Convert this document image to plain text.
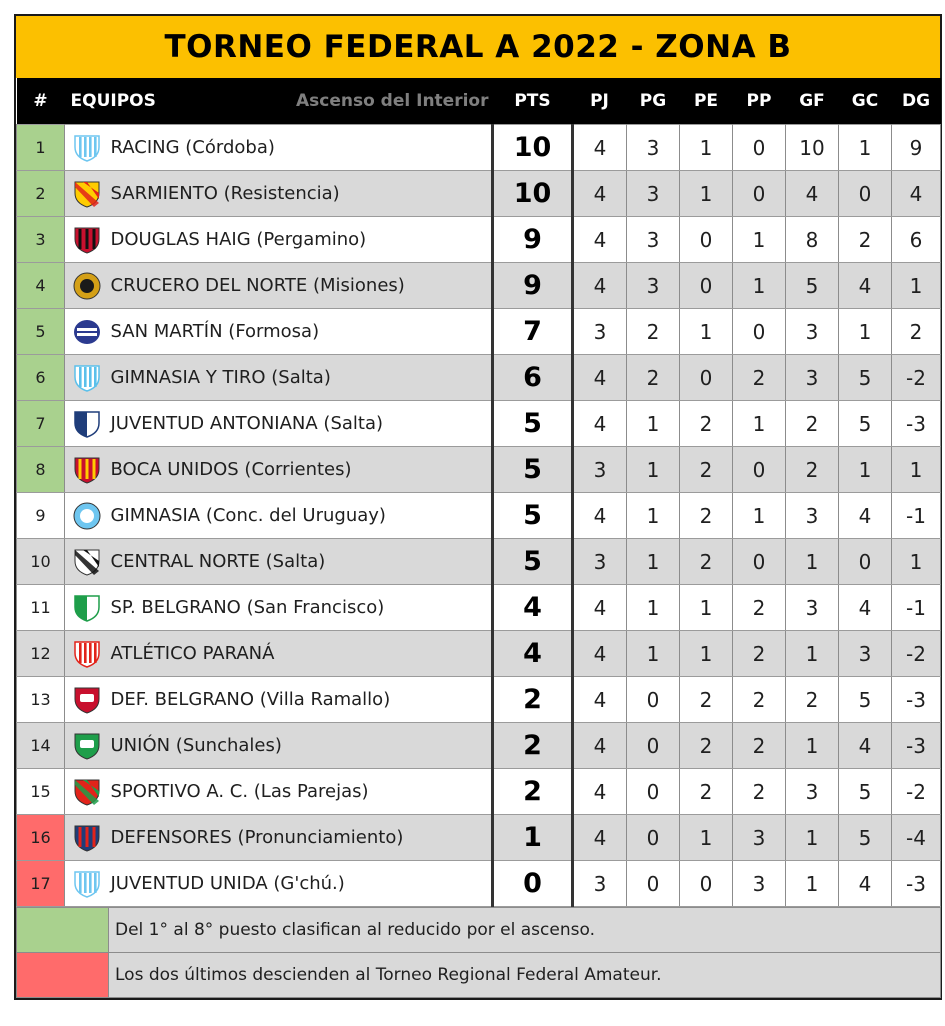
TORNEO FEDERAL A 2022 - ZONA B
#	EQUIPOS Ascenso del Interior		PTS	PJ	PG	PE	PP	GF	GC	DG
1		RACING (Córdoba)	10	4	3	1	0	10	1	9
2		SARMIENTO (Resistencia)	10	4	3	1	0	4	0	4
3		DOUGLAS HAIG (Pergamino)	9	4	3	0	1	8	2	6
4		CRUCERO DEL NORTE (Misiones)	9	4	3	0	1	5	4	1
5		SAN MARTÍN (Formosa)	7	3	2	1	0	3	1	2
6		GIMNASIA Y TIRO (Salta)	6	4	2	0	2	3	5	-2
7		JUVENTUD ANTONIANA (Salta)	5	4	1	2	1	2	5	-3
8		BOCA UNIDOS (Corrientes)	5	3	1	2	0	2	1	1
9		GIMNASIA (Conc. del Uruguay)	5	4	1	2	1	3	4	-1
10		CENTRAL NORTE (Salta)	5	3	1	2	0	1	0	1
11		SP. BELGRANO (San Francisco)	4	4	1	1	2	3	4	-1
12		ATLÉTICO PARANÁ	4	4	1	1	2	1	3	-2
13		DEF. BELGRANO (Villa Ramallo)	2	4	0	2	2	2	5	-3
14		UNIÓN (Sunchales)	2	4	0	2	2	1	4	-3
15		SPORTIVO A. C. (Las Parejas)	2	4	0	2	2	3	5	-2
16		DEFENSORES (Pronunciamiento)	1	4	0	1	3	1	5	-4
17		JUVENTUD UNIDA (G'chú.)	0	3	0	0	3	1	4	-3
	Del 1° al 8° puesto clasifican al reducido por el ascenso.
	Los dos últimos descienden al Torneo Regional Federal Amateur.
